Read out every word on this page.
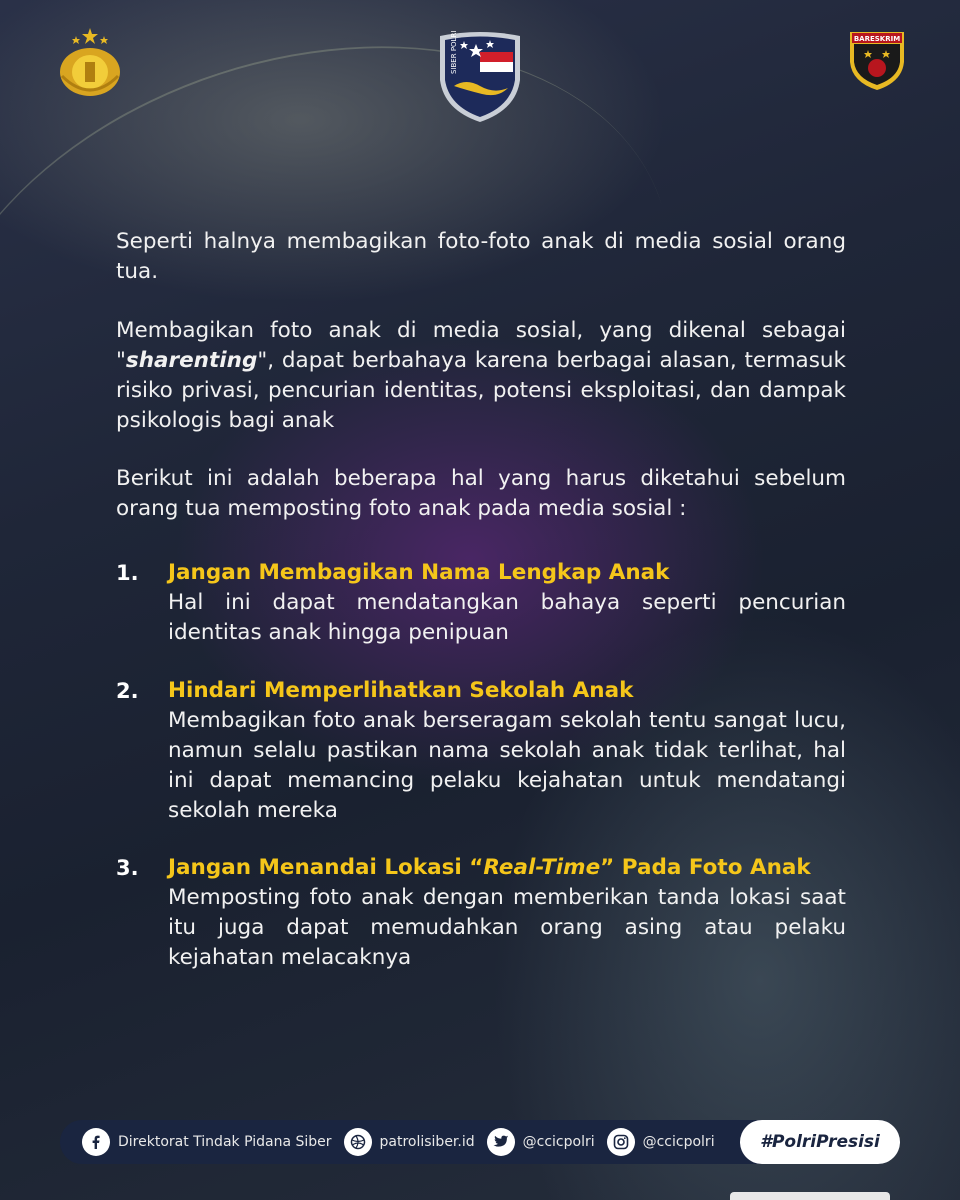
SIBER POLRI	BARESKRIM
Seperti halnya membagikan foto-foto anak di media sosial orang tua.
Membagikan foto anak di media sosial, yang dikenal sebagai "sharenting", dapat berbahaya karena berbagai alasan, termasuk risiko privasi, pencurian identitas, potensi eksploitasi, dan dampak psikologis bagi anak
Berikut ini adalah beberapa hal yang harus diketahui sebelum orang tua memposting foto anak pada media sosial :
1. Jangan Membagikan Nama Lengkap Anak
Hal ini dapat mendatangkan bahaya seperti pencurian identitas anak hingga penipuan
2. Hindari Memperlihatkan Sekolah Anak
Membagikan foto anak berseragam sekolah tentu sangat lucu, namun selalu pastikan nama sekolah anak tidak terlihat, hal ini dapat memancing pelaku kejahatan untuk mendatangi sekolah mereka
3. Jangan Menandai Lokasi “Real-Time” Pada Foto Anak
Memposting foto anak dengan memberikan tanda lokasi saat itu juga dapat memudahkan orang asing atau pelaku kejahatan melacaknya
Direktorat Tindak Pidana Siber	patrolisiber.id	@ccicpolri	@ccicpolri	#PolriPresisi
